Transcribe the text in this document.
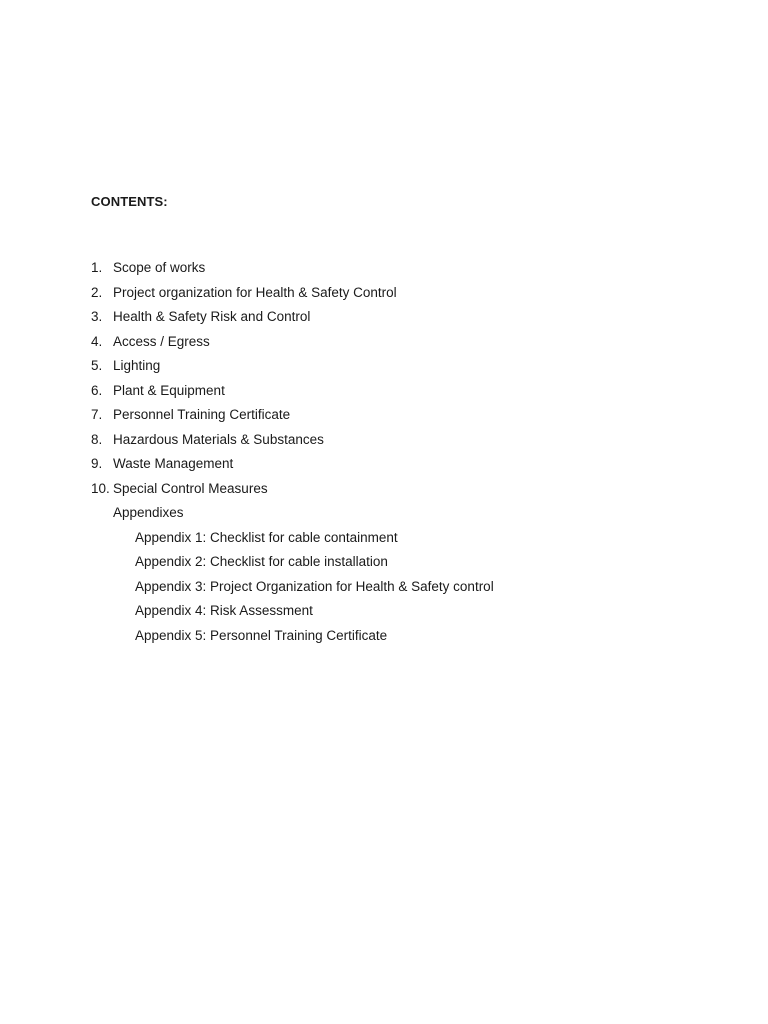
CONTENTS:
1. Scope of works
2. Project organization for Health & Safety Control
3. Health & Safety Risk and Control
4. Access / Egress
5. Lighting
6. Plant & Equipment
7. Personnel Training Certificate
8. Hazardous Materials & Substances
9. Waste Management
10. Special Control Measures
Appendixes
Appendix 1: Checklist for cable containment
Appendix 2: Checklist for cable installation
Appendix 3: Project Organization for Health & Safety control
Appendix 4: Risk Assessment
Appendix 5: Personnel Training Certificate
